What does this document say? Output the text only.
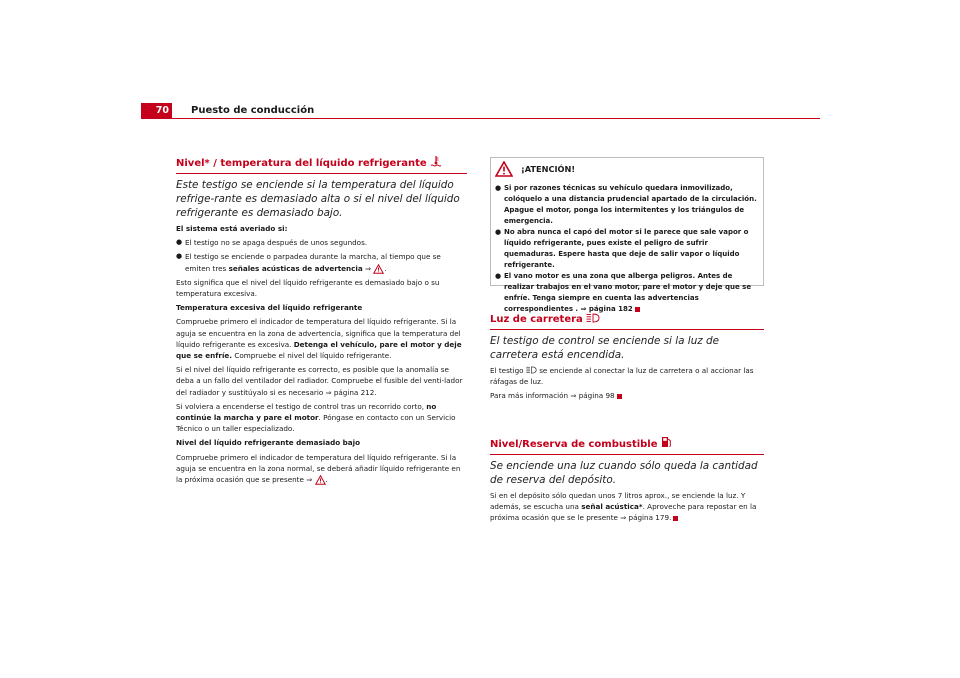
70	Puesto de conducción
Nivel* / temperatura del líquido refrigerante

Este testigo se enciende si la temperatura del líquido refrige-rante es demasiado alta o si el nivel del líquido refrigerante es demasiado bajo.

El sistema está averiado si:

● El testigo no se apaga después de unos segundos.

● El testigo se enciende o parpadea durante la marcha, al tiempo que se emiten tres señales acústicas de advertencia ⇒ .

Esto significa que el nivel del líquido refrigerante es demasiado bajo o su temperatura excesiva.

Temperatura excesiva del líquido refrigerante

Compruebe primero el indicador de temperatura del líquido refrigerante. Si la aguja se encuentra en la zona de advertencia, significa que la temperatura del líquido refrigerante es excesiva. Detenga el vehículo, pare el motor y deje que se enfríe. Compruebe el nivel del líquido refrigerante.

Si el nivel del líquido refrigerante es correcto, es posible que la anomalía se deba a un fallo del ventilador del radiador. Compruebe el fusible del venti-lador del radiador y sustitúyalo si es necesario ⇒ página 212.

Si volviera a encenderse el testigo de control tras un recorrido corto, no continúe la marcha y pare el motor. Póngase en contacto con un Servicio Técnico o un taller especializado.

Nivel del líquido refrigerante demasiado bajo

Compruebe primero el indicador de temperatura del líquido refrigerante. Si la aguja se encuentra en la zona normal, se deberá añadir líquido refrigerante en la próxima ocasión que se presente ⇒ .

¡ATENCIÓN!

● Si por razones técnicas su vehículo quedara inmovilizado, colóquelo a una distancia prudencial apartado de la circulación. Apague el motor, ponga los intermitentes y los triángulos de emergencia.

● No abra nunca el capó del motor si le parece que sale vapor o líquido refrigerante, pues existe el peligro de sufrir quemaduras. Espere hasta que deje de salir vapor o líquido refrigerante.

● El vano motor es una zona que alberga peligros. Antes de realizar trabajos en el vano motor, pare el motor y deje que se enfríe. Tenga siempre en cuenta las advertencias correspondientes . ⇒ página 182

Luz de carretera

El testigo de control se enciende si la luz de carretera está encendida.

El testigo se enciende al conectar la luz de carretera o al accionar las ráfagas de luz.

Para más información ⇒ página 98

Nivel/Reserva de combustible

Se enciende una luz cuando sólo queda la cantidad de reserva del depósito.

Si en el depósito sólo quedan unos 7 litros aprox., se enciende la luz. Y además, se escucha una señal acústica*. Aproveche para repostar en la próxima ocasión que se le presente ⇒ página 179.
